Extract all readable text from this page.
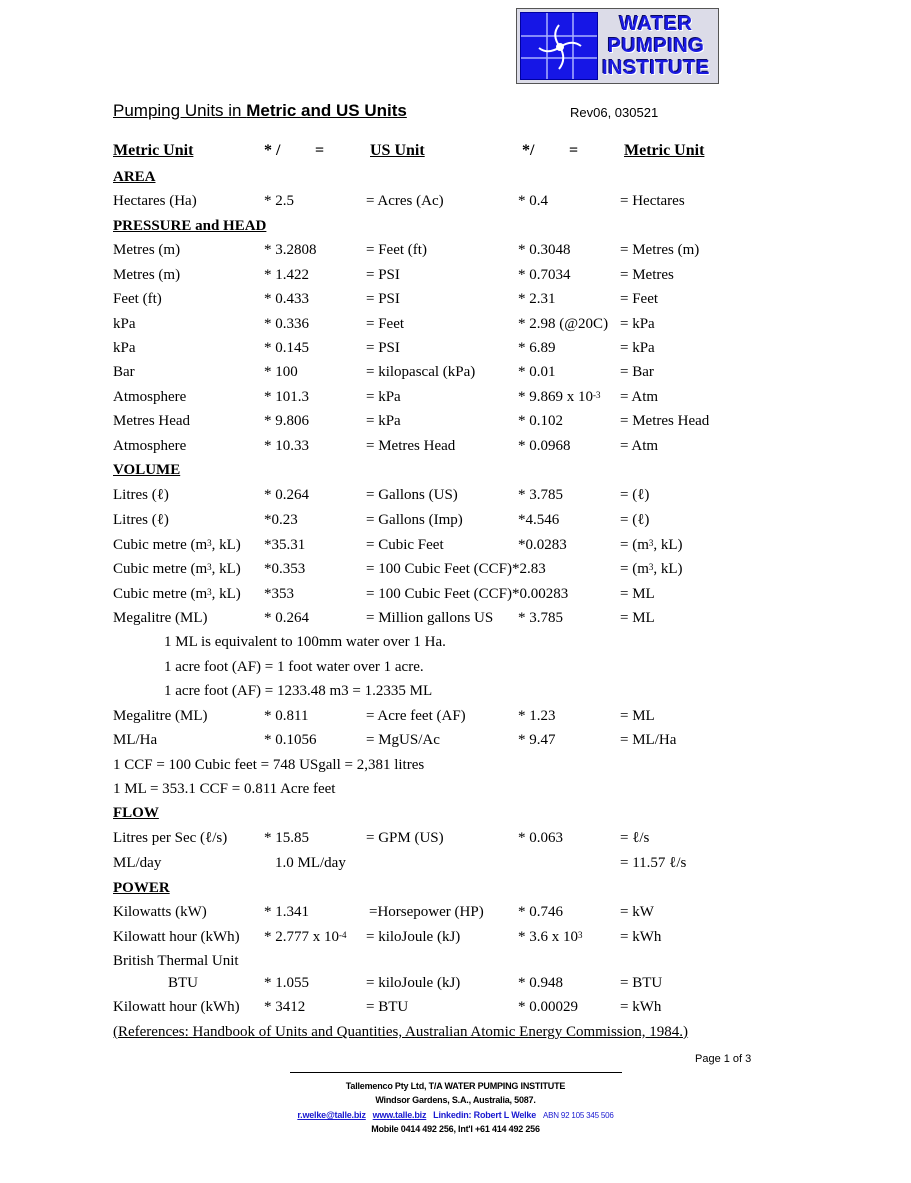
WATER
PUMPING
INSTITUTE
Pumping Units in Metric and US Units	Rev06, 030521
Metric Unit	* / =	US Unit	*/ =	Metric Unit
AREA
Hectares (Ha)	* 2.5	= Acres (Ac)	* 0.4	= Hectares
PRESSURE and HEAD
Metres (m)	* 3.2808	= Feet (ft)	* 0.3048	= Metres (m)
Metres (m)	* 1.422	= PSI	* 0.7034	= Metres
Feet (ft)	* 0.433	= PSI	* 2.31	= Feet
kPa	* 0.336	= Feet	* 2.98 (@20C) = kPa
kPa	* 0.145	= PSI	* 6.89	= kPa
Bar	* 100	= kilopascal (kPa)	* 0.01	= Bar
Atmosphere	* 101.3	= kPa	* 9.869 x $10^{-3}$ = Atm
Metres Head	* 9.806	= kPa	* 0.102	= Metres Head
Atmosphere	* 10.33	= Metres Head	* 0.0968	= Atm
VOLUME
Litres (ℓ)	* 0.264	= Gallons (US)	* 3.785	= (ℓ)
Litres (ℓ)	*0.23	= Gallons (Imp)	*4.546	= (ℓ)
Cubic metre ($m^3$, kL) *35.31	= Cubic Feet	*0.0283	= ($m^3$, kL)
Cubic metre ($m^3$, kL) *0.353	= 100 Cubic Feet (CCF)*2.83	= ($m^3$, kL)
Cubic metre ($m^3$, kL) *353	= 100 Cubic Feet (CCF)*0.00283	= ML
Megalitre (ML)	* 0.264	= Million gallons US * 3.785	= ML
1 ML is equivalent to 100mm water over 1 Ha.
1 acre foot (AF) = 1 foot water over 1 acre.
1 acre foot (AF) = 1233.48 m3 = 1.2335 ML
Megalitre (ML)	* 0.811	= Acre feet (AF)	* 1.23	= ML
ML/Ha	* 0.1056	= MgUS/Ac	* 9.47	= ML/Ha
1 CCF = 100 Cubic feet = 748 USgall = 2,381 litres
1 ML = 353.1 CCF = 0.811 Acre feet
FLOW
Litres per Sec (ℓ/s) * 15.85	= GPM (US)	* 0.063	= ℓ/s
ML/day	1.0 ML/day	= 11.57 ℓ/s
POWER
Kilowatts (kW)	* 1.341	=Horsepower (HP) * 0.746	= kW
Kilowatt hour (kWh) * 2.777 x $10^{-4}$ = kiloJoule (kJ)	* 3.6 x $10^3$	= kWh
British Thermal Unit
BTU	* 1.055	= kiloJoule (kJ)	* 0.948	= BTU
Kilowatt hour (kWh) * 3412	= BTU	* 0.00029	= kWh
(References: Handbook of Units and Quantities, Australian Atomic Energy Commission, 1984.)
Page 1 of 3
Tallemenco Pty Ltd, T/A WATER PUMPING INSTITUTE
Windsor Gardens, S.A., Australia, 5087.
r.welke@talle.biz www.talle.biz Linkedin: Robert L Welke ABN 92 105 345 506
Mobile 0414 492 256, Int'l +61 414 492 256
